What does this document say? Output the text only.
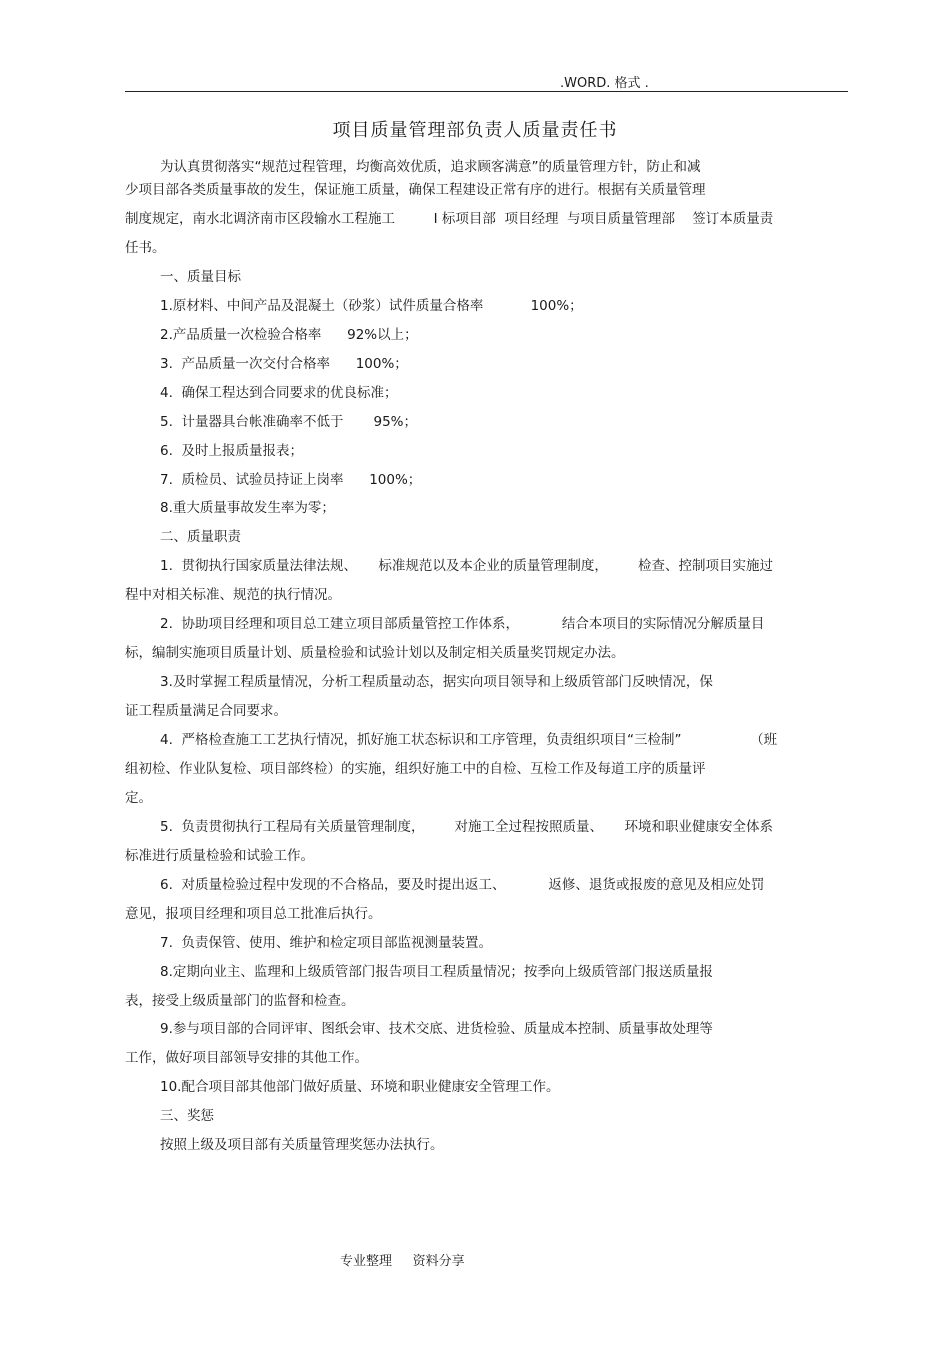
.WORD. 格式 .
项目质量管理部负责人质量责任书
为认真贯彻落实“规范过程管理，均衡高效优质，追求顾客满意”的质量管理方针，防止和减
少项目部各类质量事故的发生，保证施工质量，确保工程建设正常有序的进行。根据有关质量管理
制度规定，南水北调济南市区段输水工程施工         I 标项目部  项目经理  与项目质量管理部    签订本质量责
任书。
一、质量目标
1.原材料、中间产品及混凝土（砂浆）试件质量合格率           100%；
2.产品质量一次检验合格率      92%以上；
3.  产品质量一次交付合格率      100%；
4.  确保工程达到合同要求的优良标准；
5.  计量器具台帐准确率不低于       95%；
6.  及时上报质量报表；
7.  质检员、试验员持证上岗率      100%；
8.重大质量事故发生率为零；
二、质量职责
1.  贯彻执行国家质量法律法规、     标准规范以及本企业的质量管理制度，       检查、控制项目实施过
程中对相关标准、规范的执行情况。
2.  协助项目经理和项目总工建立项目部质量管控工作体系，          结合本项目的实际情况分解质量目
标，编制实施项目质量计划、质量检验和试验计划以及制定相关质量奖罚规定办法。
3.及时掌握工程质量情况，分析工程质量动态，据实向项目领导和上级质管部门反映情况，保
证工程质量满足合同要求。
4.  严格检查施工工艺执行情况，抓好施工状态标识和工序管理，负责组织项目“三检制”                （班
组初检、作业队复检、项目部终检）的实施，组织好施工中的自检、互检工作及每道工序的质量评
定。
5.  负责贯彻执行工程局有关质量管理制度，       对施工全过程按照质量、     环境和职业健康安全体系
标准进行质量检验和试验工作。
6.  对质量检验过程中发现的不合格品，要及时提出返工、          返修、退货或报废的意见及相应处罚
意见，报项目经理和项目总工批准后执行。
7.  负责保管、使用、维护和检定项目部监视测量装置。
8.定期向业主、监理和上级质管部门报告项目工程质量情况；按季向上级质管部门报送质量报
表，接受上级质量部门的监督和检查。
9.参与项目部的合同评审、图纸会审、技术交底、进货检验、质量成本控制、质量事故处理等
工作，做好项目部领导安排的其他工作。
10.配合项目部其他部门做好质量、环境和职业健康安全管理工作。
三、奖惩
按照上级及项目部有关质量管理奖惩办法执行。
专业整理     资料分享
